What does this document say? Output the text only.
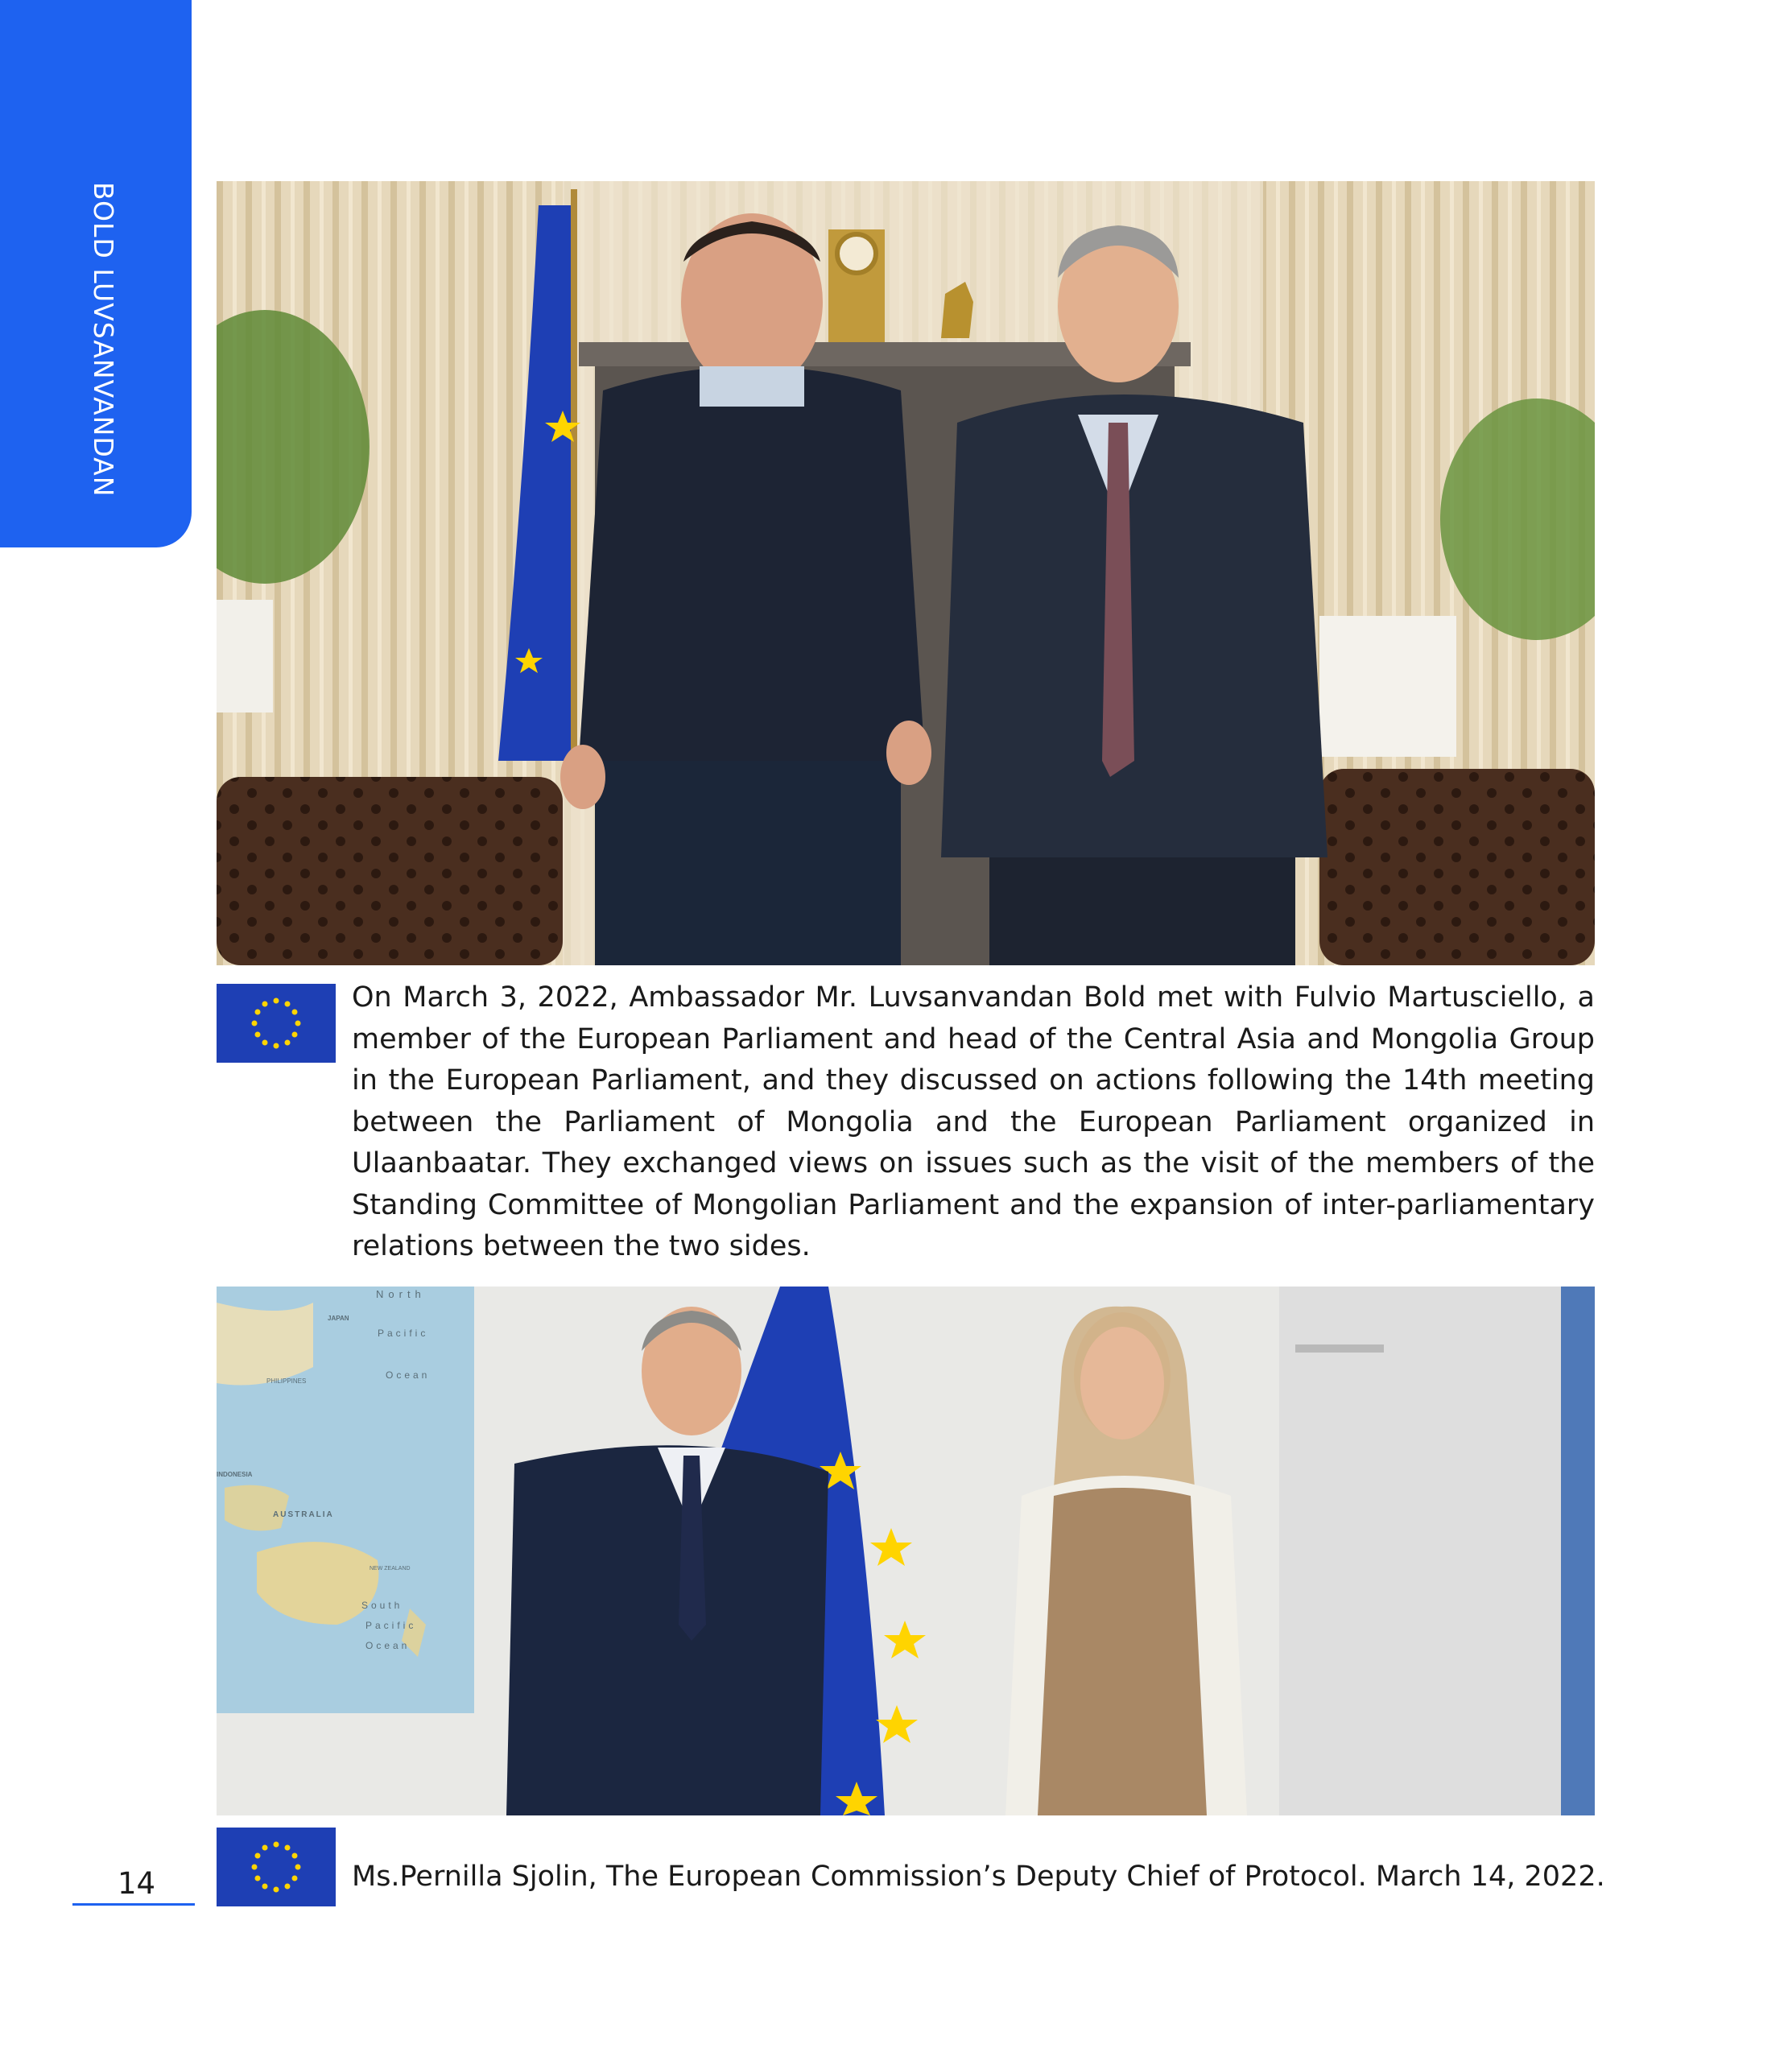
BOLD LUVSANVANDAN

On March 3, 2022, Ambassador Mr. Luvsanvandan Bold met with Fulvio Martusciello, a member of the European Parliament and head of the Central Asia and Mongolia Group in the European Parliament, and they discussed on actions following the 14th meeting between the Parliament of Mongolia and the European Parliament organized in Ulaanbaatar. They exchanged views on issues such as the visit of the members of the Standing Committee of Mongolian Parliament and the expansion of inter-parliamentary relations between the two sides.

North
Pacific
Ocean
JAPAN
PHILIPPINES
INDONESIA
AUSTRALIA
NEW ZEALAND
South
Pacific
Ocean

Ms.Pernilla Sjolin, The European Commission’s Deputy Chief of Protocol. March 14, 2022.

14
